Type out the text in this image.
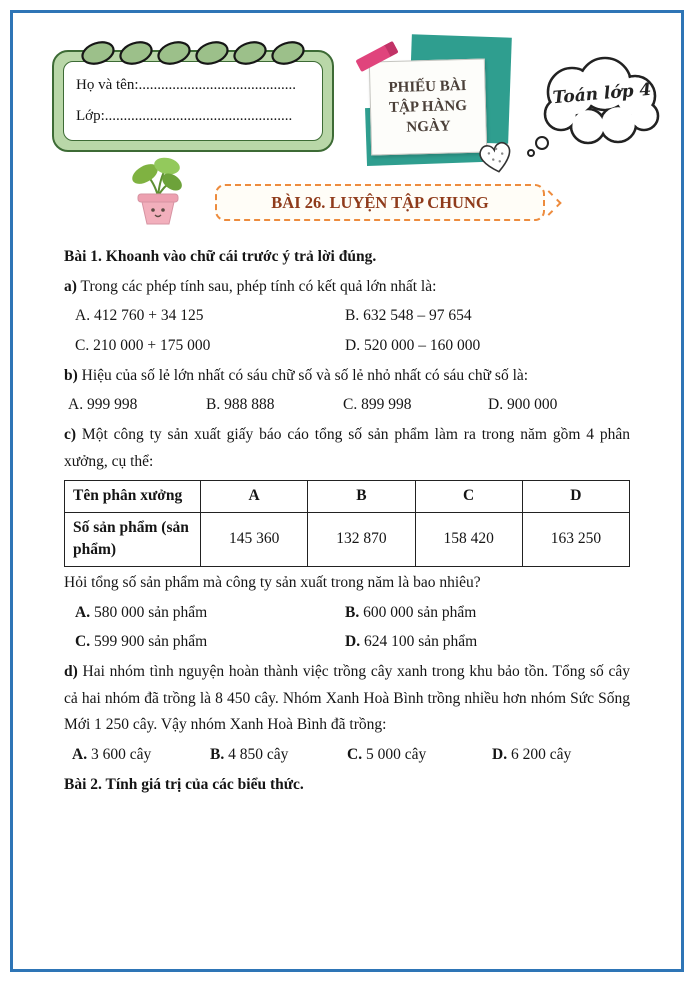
Họ và tên:..........................................
Lớp:..................................................
PHIẾU BÀI TẬP HÀNG NGÀY
Toán lớp 4
BÀI 26. LUYỆN TẬP CHUNG

Bài 1. Khoanh vào chữ cái trước ý trả lời đúng.

a) Trong các phép tính sau, phép tính có kết quả lớn nhất là:

A. 412 760 + 34 125	B. 632 548 – 97 654
C. 210 000 + 175 000	D. 520 000 – 160 000

b) Hiệu của số lẻ lớn nhất có sáu chữ số và số lẻ nhỏ nhất có sáu chữ số là:

A. 999 998	B. 988 888	C. 899 998	D. 900 000

c) Một công ty sản xuất giấy báo cáo tổng số sản phẩm làm ra trong năm gồm 4 phân xưởng, cụ thể:

Tên phân xưởng	A	B	C	D
Số sản phẩm (sản phẩm)	145 360	132 870	158 420	163 250

Hỏi tổng số sản phẩm mà công ty sản xuất trong năm là bao nhiêu?

A. 580 000 sản phẩm	B. 600 000 sản phẩm
C. 599 900 sản phẩm	D. 624 100 sản phẩm

d) Hai nhóm tình nguyện hoàn thành việc trồng cây xanh trong khu bảo tồn. Tổng số cây cả hai nhóm đã trồng là 8 450 cây. Nhóm Xanh Hoà Bình trồng nhiều hơn nhóm Sức Sống Mới 1 250 cây. Vậy nhóm Xanh Hoà Bình đã trồng:

A. 3 600 cây	B. 4 850 cây	C. 5 000 cây	D. 6 200 cây

Bài 2. Tính giá trị của các biểu thức.
